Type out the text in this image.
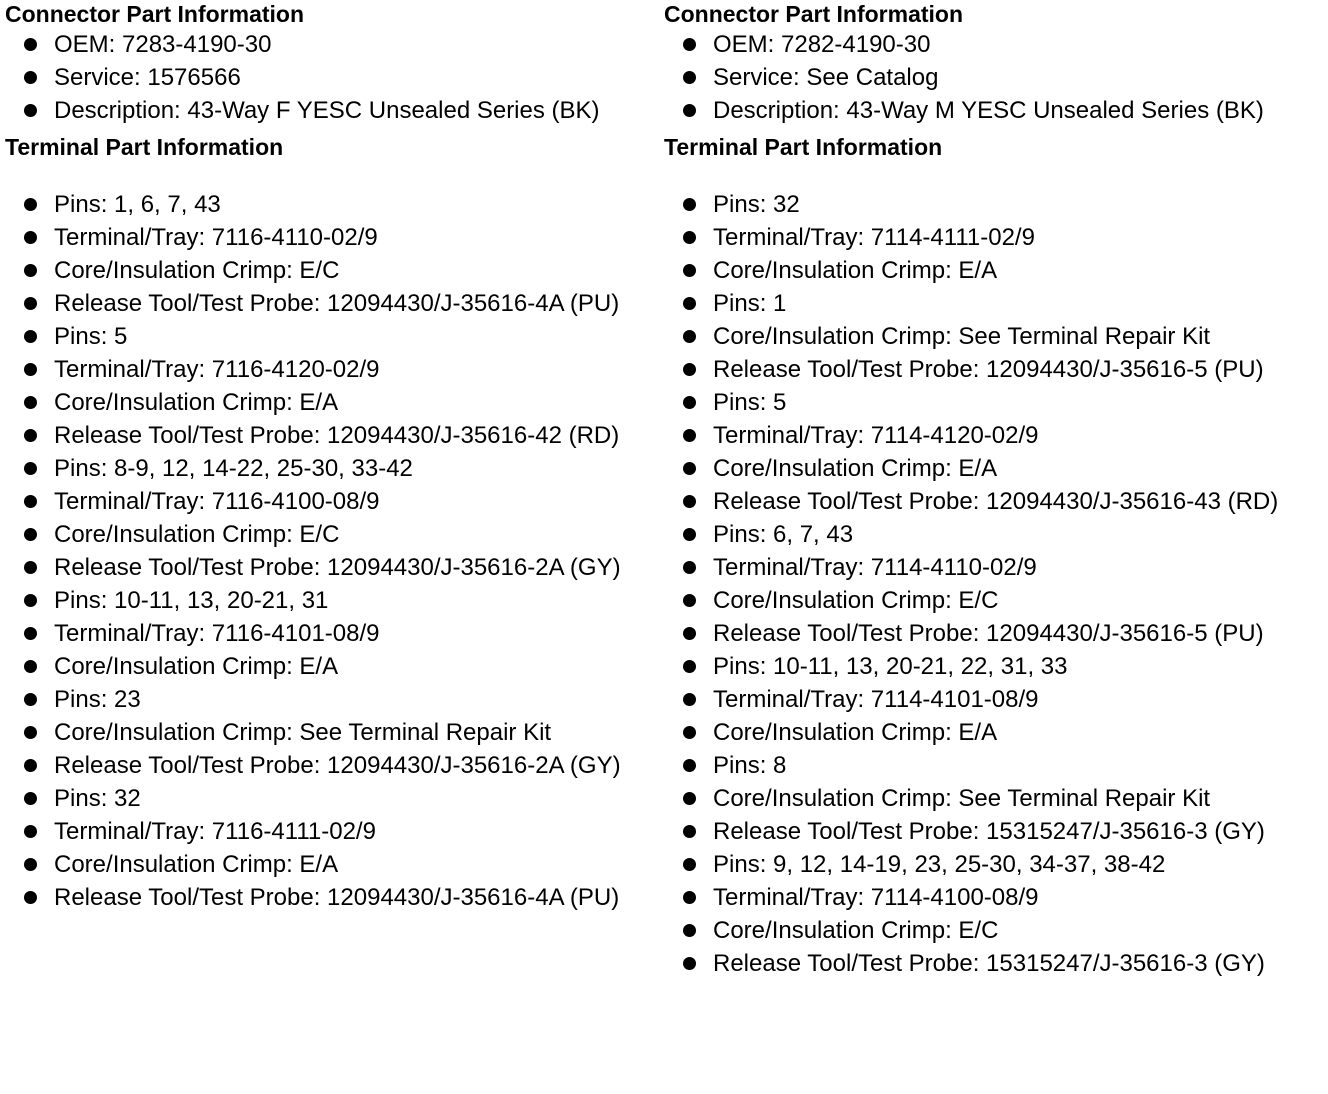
Connector Part Information
OEM: 7283-4190-30
Service: 1576566
Description: 43-Way F YESC Unsealed Series (BK)
Terminal Part Information
Pins: 1, 6, 7, 43
Terminal/Tray: 7116-4110-02/9
Core/Insulation Crimp: E/C
Release Tool/Test Probe: 12094430/J-35616-4A (PU)
Pins: 5
Terminal/Tray: 7116-4120-02/9
Core/Insulation Crimp: E/A
Release Tool/Test Probe: 12094430/J-35616-42 (RD)
Pins: 8-9, 12, 14-22, 25-30, 33-42
Terminal/Tray: 7116-4100-08/9
Core/Insulation Crimp: E/C
Release Tool/Test Probe: 12094430/J-35616-2A (GY)
Pins: 10-11, 13, 20-21, 31
Terminal/Tray: 7116-4101-08/9
Core/Insulation Crimp: E/A
Pins: 23
Core/Insulation Crimp: See Terminal Repair Kit
Release Tool/Test Probe: 12094430/J-35616-2A (GY)
Pins: 32
Terminal/Tray: 7116-4111-02/9
Core/Insulation Crimp: E/A
Release Tool/Test Probe: 12094430/J-35616-4A (PU)
Connector Part Information
OEM: 7282-4190-30
Service: See Catalog
Description: 43-Way M YESC Unsealed Series (BK)
Terminal Part Information
Pins: 32
Terminal/Tray: 7114-4111-02/9
Core/Insulation Crimp: E/A
Pins: 1
Core/Insulation Crimp: See Terminal Repair Kit
Release Tool/Test Probe: 12094430/J-35616-5 (PU)
Pins: 5
Terminal/Tray: 7114-4120-02/9
Core/Insulation Crimp: E/A
Release Tool/Test Probe: 12094430/J-35616-43 (RD)
Pins: 6, 7, 43
Terminal/Tray: 7114-4110-02/9
Core/Insulation Crimp: E/C
Release Tool/Test Probe: 12094430/J-35616-5 (PU)
Pins: 10-11, 13, 20-21, 22, 31, 33
Terminal/Tray: 7114-4101-08/9
Core/Insulation Crimp: E/A
Pins: 8
Core/Insulation Crimp: See Terminal Repair Kit
Release Tool/Test Probe: 15315247/J-35616-3 (GY)
Pins: 9, 12, 14-19, 23, 25-30, 34-37, 38-42
Terminal/Tray: 7114-4100-08/9
Core/Insulation Crimp: E/C
Release Tool/Test Probe: 15315247/J-35616-3 (GY)
